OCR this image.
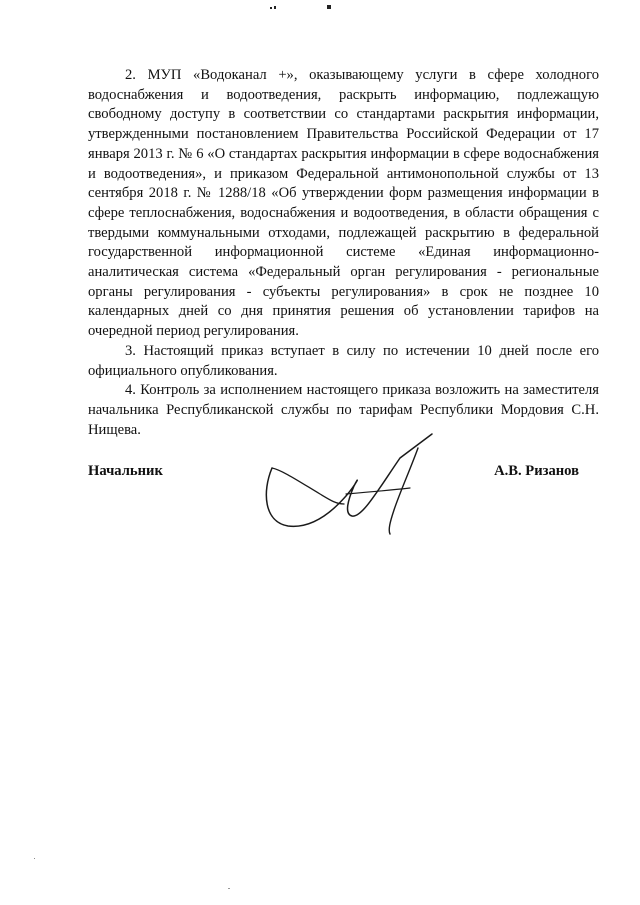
2. МУП «Водоканал +», оказывающему услуги в сфере холодного водоснабжения и водоотведения, раскрыть информацию, подлежащую свободному доступу в соответствии со стандартами раскрытия информации, утвержденными постановлением Правительства Российской Федерации от 17 января 2013 г. № 6 «О стандартах раскрытия информации в сфере водоснабжения и водоотведения», и приказом Федеральной антимонопольной службы от 13 сентября 2018 г. № 1288/18 «Об утверждении форм размещения информации в сфере теплоснабжения, водоснабжения и водоотведения, в области обращения с твердыми коммунальными отходами, подлежащей раскрытию в федеральной государственной информационной системе «Единая информационно-аналитическая система «Федеральный орган регулирования - региональные органы регулирования - субъекты регулирования» в срок не позднее 10 календарных дней со дня принятия решения об установлении тарифов на очередной период регулирования.

3. Настоящий приказ вступает в силу по истечении 10 дней после его официального опубликования.

4. Контроль за исполнением настоящего приказа возложить на заместителя начальника Республиканской службы по тарифам Республики Мордовия С.Н. Нищева.

Начальник	А.В. Ризанов
